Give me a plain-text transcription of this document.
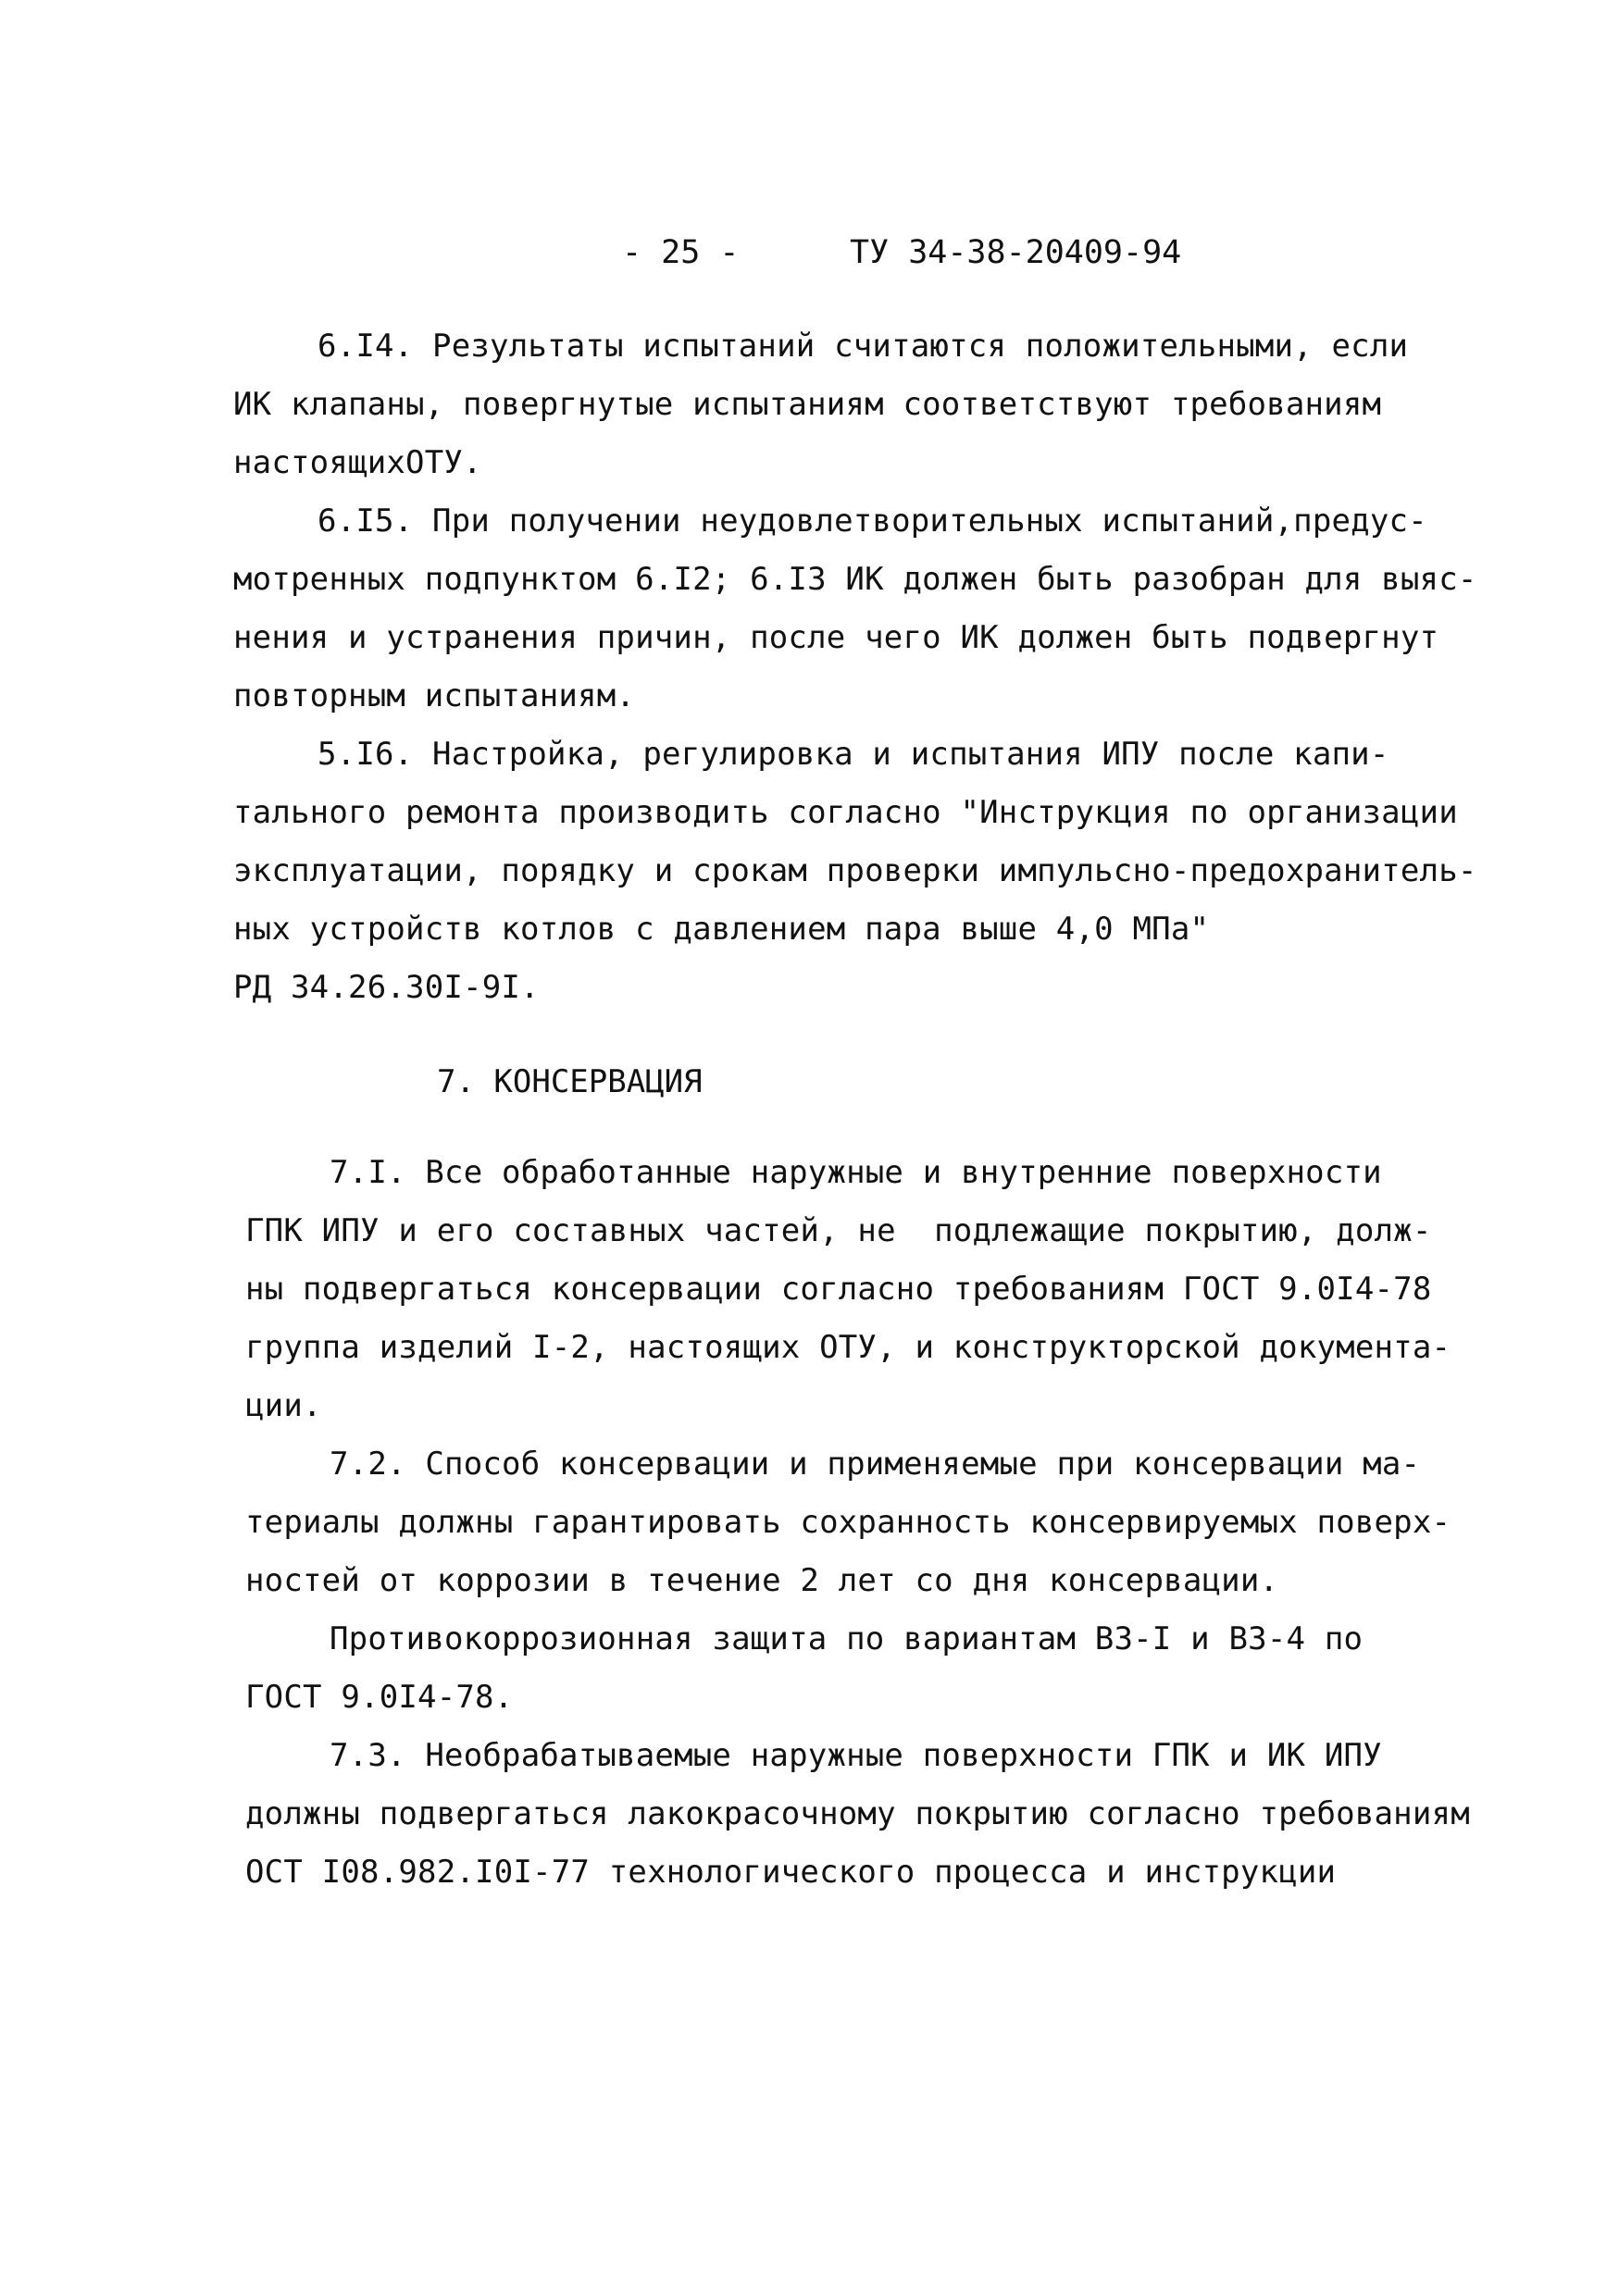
- 25 -	ТУ 34-38-20409-94
6.I4. Результаты испытаний считаются положительными, если
ИК клапаны, повергнутые испытаниям соответствуют требованиям
настоящихОТУ.
6.I5. При получении неудовлетворительных испытаний,предус-
мотренных подпунктом 6.I2; 6.I3 ИК должен быть разобран для выяс-
нения и устранения причин, после чего ИК должен быть подвергнут
повторным испытаниям.
5.I6. Настройка, регулировка и испытания ИПУ после капи-
тального ремонта производить согласно "Инструкция по организации
эксплуатации, порядку и срокам проверки импульсно-предохранитель-
ных устройств котлов с давлением пара выше 4,0 МПа"
РД 34.26.30I-9I.
7. КОНСЕРВАЦИЯ
7.I. Все обработанные наружные и внутренние поверхности
ГПК ИПУ и его составных частей, не  подлежащие покрытию, долж-
ны подвергаться консервации согласно требованиям ГОСТ 9.0I4-78
группа изделий I-2, настоящих ОТУ, и конструкторской документа-
ции.
7.2. Способ консервации и применяемые при консервации ма-
териалы должны гарантировать сохранность консервируемых поверх-
ностей от коррозии в течение 2 лет со дня консервации.
Противокоррозионная защита по вариантам ВЗ-I и ВЗ-4 по
ГОСТ 9.0I4-78.
7.3. Необрабатываемые наружные поверхности ГПК и ИК ИПУ
должны подвергаться лакокрасочному покрытию согласно требованиям
ОСТ I08.982.I0I-77 технологического процесса и инструкции
